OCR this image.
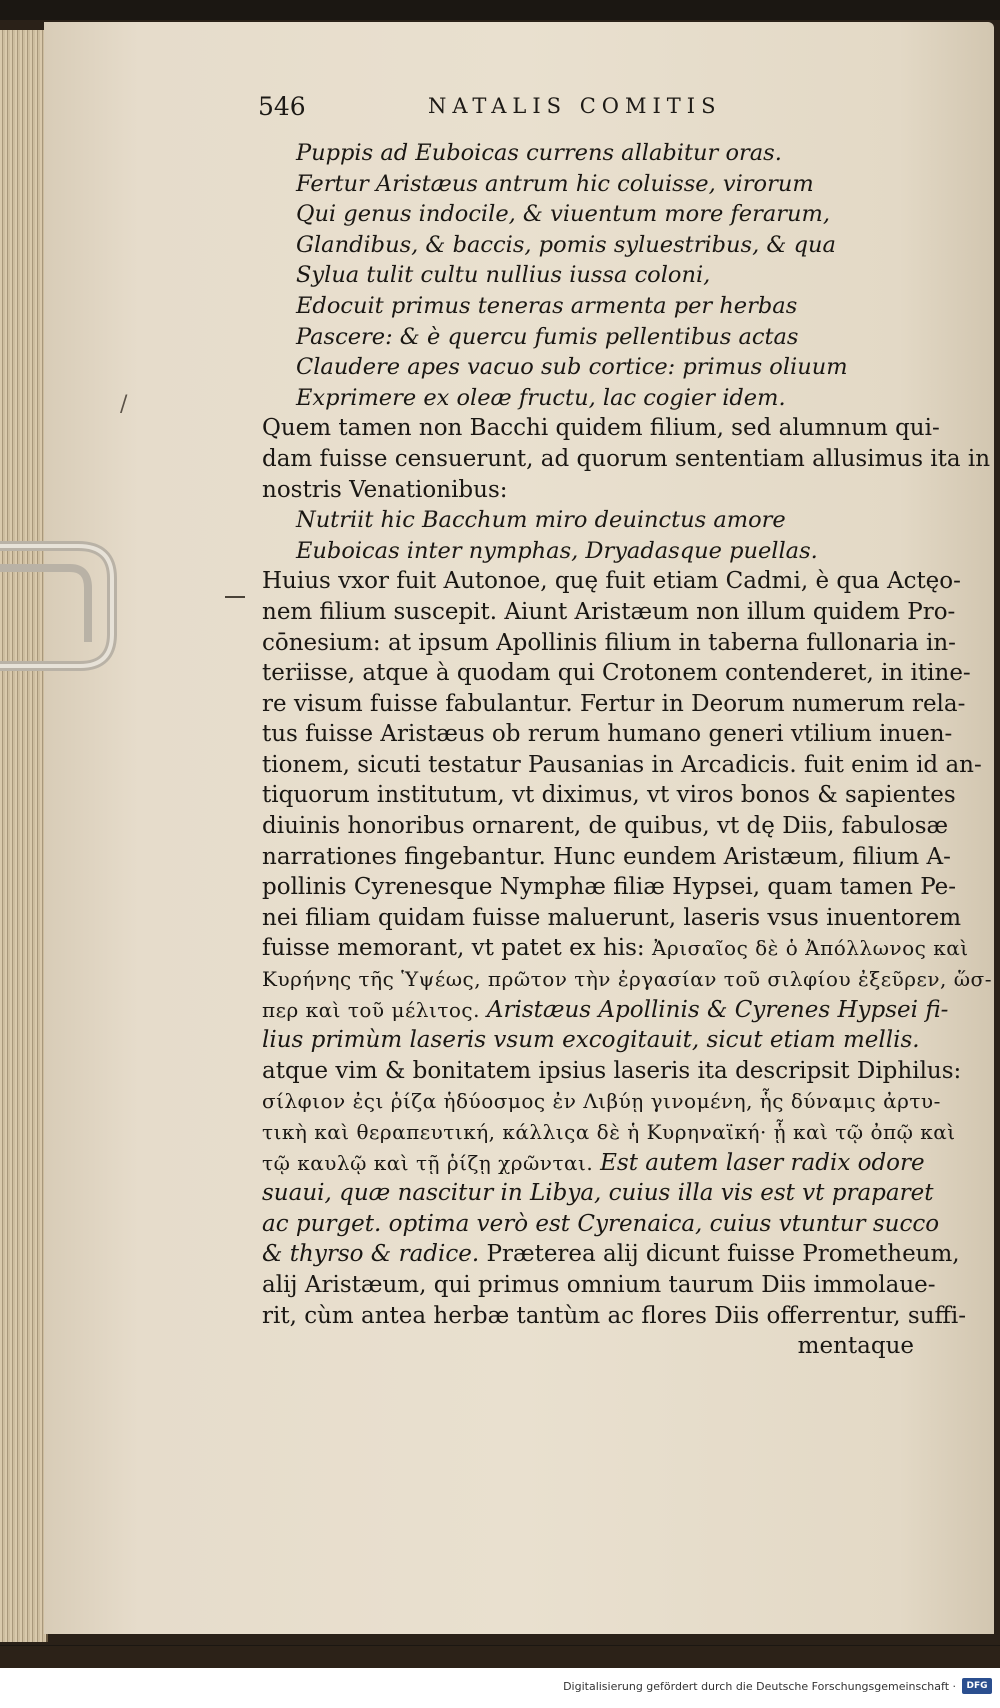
/
546	NATALIS COMITIS
Puppis ad Euboicas currens allabitur oras.
Fertur Aristæus antrum hic coluisse, virorum
Qui genus indocile, & viuentum more ferarum,
Glandibus, & baccis, pomis syluestribus, & qua
Sylua tulit cultu nullius iussa coloni,
Edocuit primus teneras armenta per herbas
Pascere: & è quercu fumis pellentibus actas
Claudere apes vacuo sub cortice: primus oliuum
Exprimere ex oleæ fructu, lac cogier idem.
Quem tamen non Bacchi quidem filium, sed alumnum qui-
dam fuisse censuerunt, ad quorum sententiam allusimus ita in
nostris Venationibus:
Nutriit hic Bacchum miro deuinctus amore
Euboicas inter nymphas, Dryadasque puellas.
Huius vxor fuit Autonoe, quę fuit etiam Cadmi, è qua Actęo-
nem filium suscepit. Aiunt Aristæum non illum quidem Pro-
cōnesium: at ipsum Apollinis filium in taberna fullonaria in-
teriisse, atque à quodam qui Crotonem contenderet, in itine-
re visum fuisse fabulantur. Fertur in Deorum numerum rela-
tus fuisse Aristæus ob rerum humano generi vtilium inuen-
tionem, sicuti testatur Pausanias in Arcadicis. fuit enim id an-
tiquorum institutum, vt diximus, vt viros bonos & sapientes
diuinis honoribus ornarent, de quibus, vt dę Diis, fabulosæ
narrationes fingebantur. Hunc eundem Aristæum, filium A-
pollinis Cyrenesque Nymphæ filiæ Hypsei, quam tamen Pe-
nei filiam quidam fuisse maluerunt, laseris vsus inuentorem
fuisse memorant, vt patet ex his: Ἀρισαῖος δὲ ὁ Ἀπόλλωνος καὶ
Κυρήνης τῆς Ὑψέως, πρῶτον τὴν ἐργασίαν τοῦ σιλφίου ἐξεῦρεν, ὥσ-
περ καὶ τοῦ μέλιτος. Aristæus Apollinis & Cyrenes Hypsei fi-
lius primùm laseris vsum excogitauit, sicut etiam mellis.
atque vim & bonitatem ipsius laseris ita descripsit Diphilus:
σίλφιον ἐςι ῥίζα ἡδύοσμος ἐν Λιβύῃ γινομένη, ἧς δύναμις ἀρτυ-
τικὴ καὶ θεραπευτική, κάλλιςα δὲ ἡ Κυρηναϊκή· ᾗ καὶ τῷ ὀπῷ καὶ
τῷ καυλῷ καὶ τῇ ῥίζῃ χρῶνται. Est autem laser radix odore
suaui, quæ nascitur in Libya, cuius illa vis est vt praparet
ac purget. optima verò est Cyrenaica, cuius vtuntur succo
& thyrso & radice. Præterea alij dicunt fuisse Prometheum,
alij Aristæum, qui primus omnium taurum Diis immolaue-
rit, cùm antea herbæ tantùm ac flores Diis offerrentur, suffi-
mentaque
Digitalisierung gefördert durch die Deutsche Forschungsgemeinschaft ·	DFG
